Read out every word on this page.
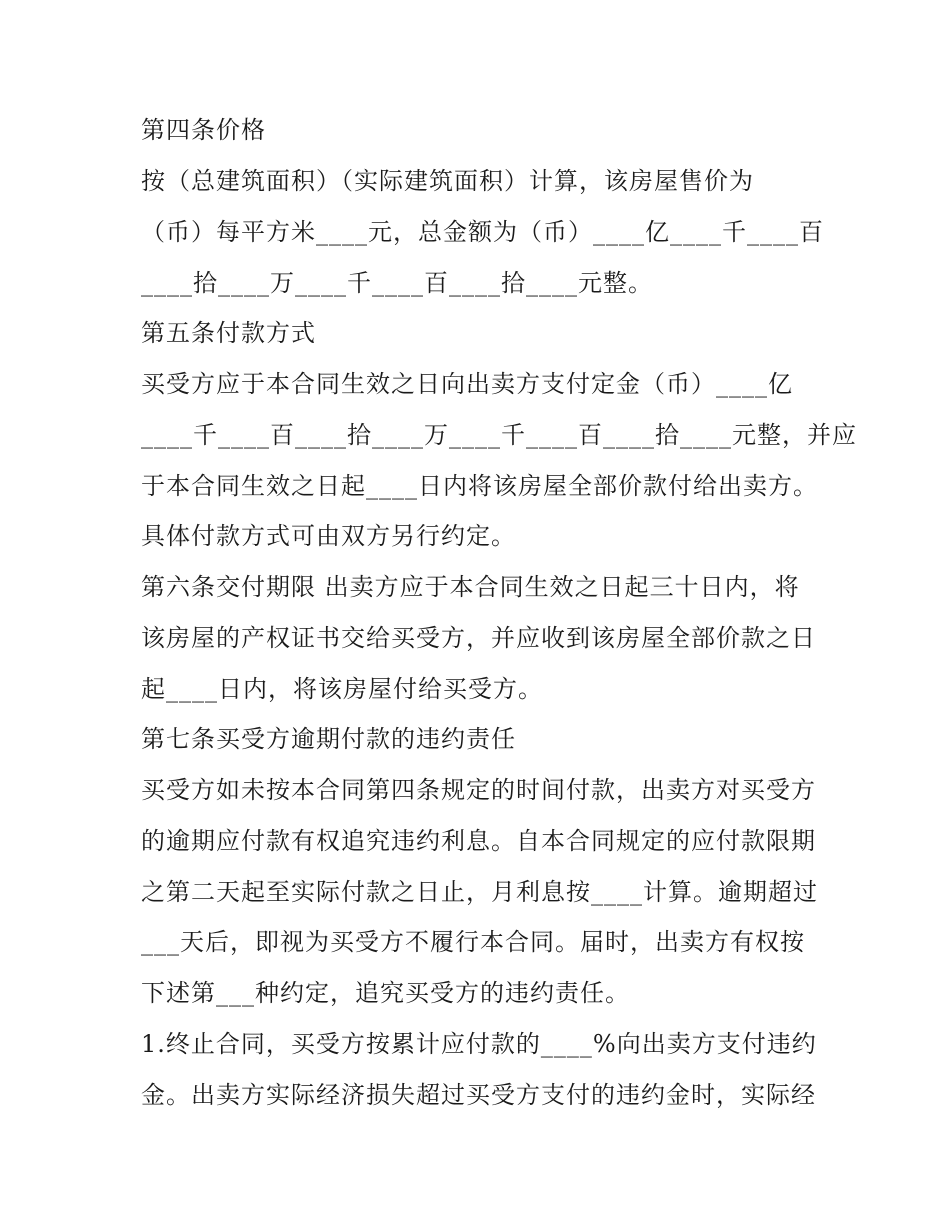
第四条价格

按（总建筑面积）（实际建筑面积）计算，该房屋售价为

（币）每平方米____元，总金额为（币）____亿____千____百

____拾____万____千____百____拾____元整。

第五条付款方式

买受方应于本合同生效之日向出卖方支付定金（币）____亿

____千____百____拾____万____千____百____拾____元整，并应

于本合同生效之日起____日内将该房屋全部价款付给出卖方。

具体付款方式可由双方另行约定。

第六条交付期限 出卖方应于本合同生效之日起三十日内，将

该房屋的产权证书交给买受方，并应收到该房屋全部价款之日

起____日内，将该房屋付给买受方。

第七条买受方逾期付款的违约责任

买受方如未按本合同第四条规定的时间付款，出卖方对买受方

的逾期应付款有权追究违约利息。自本合同规定的应付款限期

之第二天起至实际付款之日止，月利息按____计算。逾期超过

___天后，即视为买受方不履行本合同。届时，出卖方有权按

下述第___种约定，追究买受方的违约责任。

1.终止合同，买受方按累计应付款的____%向出卖方支付违约

金。出卖方实际经济损失超过买受方支付的违约金时，实际经
